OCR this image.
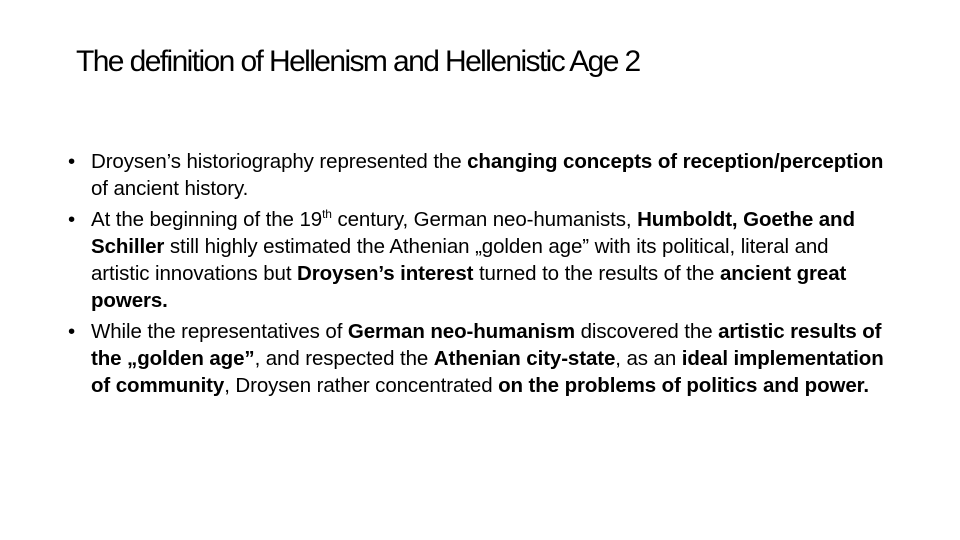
The definition of Hellenism and Hellenistic Age 2

• Droysen’s historiography represented the changing concepts of reception/perception of ancient history.

• At the beginning of the 19th century, German neo-humanists, Humboldt, Goethe and Schiller still highly estimated the Athenian „golden age” with its political, literal and artistic innovations but Droysen’s interest turned to the results of the ancient great powers.

• While the representatives of German neo-humanism discovered the artistic results of the „golden age”, and respected the Athenian city-state, as an ideal implementation of community, Droysen rather concentrated on the problems of politics and power.
